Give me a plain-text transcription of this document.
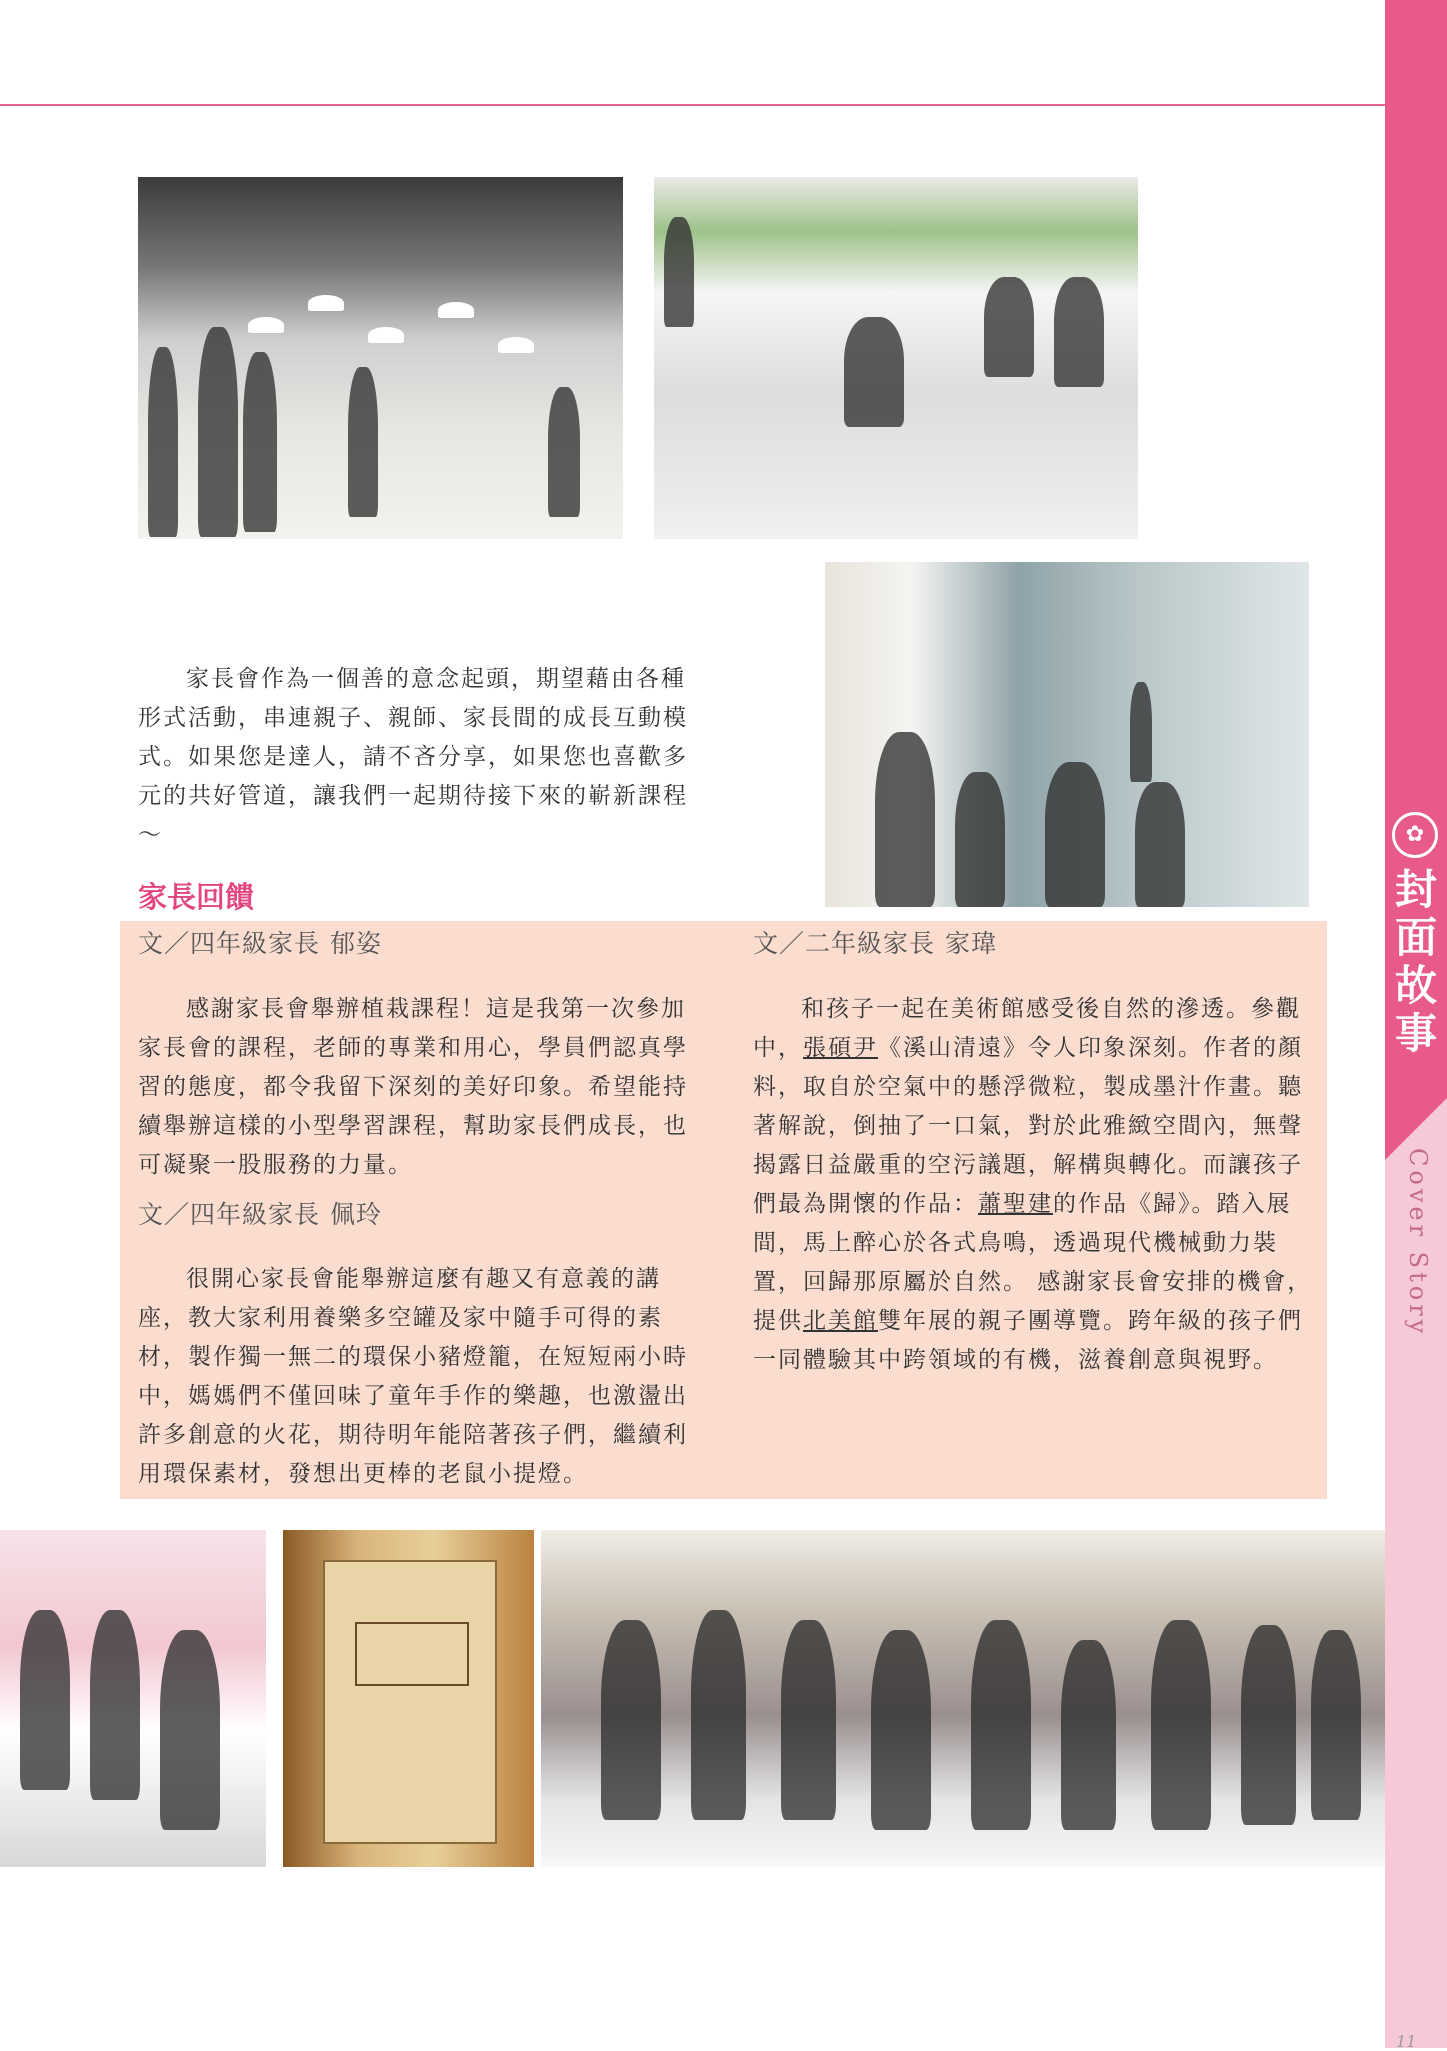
✿
封
面
故
事
Cover Story
11

家長會作為一個善的意念起頭，期望藉由各種形式活動，串連親子、親師、家長間的成長互動模式。如果您是達人，請不吝分享，如果您也喜歡多元的共好管道，讓我們一起期待接下來的嶄新課程～

家長回饋
文／四年級家長 郁姿

感謝家長會舉辦植栽課程！這是我第一次參加家長會的課程，老師的專業和用心，學員們認真學習的態度，都令我留下深刻的美好印象。希望能持續舉辦這樣的小型學習課程，幫助家長們成長，也可凝聚一股服務的力量。

文／四年級家長 佩玲

很開心家長會能舉辦這麼有趣又有意義的講座，教大家利用養樂多空罐及家中隨手可得的素材，製作獨一無二的環保小豬燈籠，在短短兩小時中，媽媽們不僅回味了童年手作的樂趣，也激盪出許多創意的火花，期待明年能陪著孩子們，繼續利用環保素材，發想出更棒的老鼠小提燈。

文／二年級家長 家瑋

和孩子一起在美術館感受後自然的滲透。參觀中，張碩尹《溪山清遠》令人印象深刻。作者的顏料，取自於空氣中的懸浮微粒，製成墨汁作畫。聽著解說，倒抽了一口氣，對於此雅緻空間內，無聲揭露日益嚴重的空污議題，解構與轉化。而讓孩子們最為開懷的作品：蕭聖建的作品《歸》。踏入展間，馬上醉心於各式鳥鳴，透過現代機械動力裝置，回歸那原屬於自然。 感謝家長會安排的機會，提供北美館雙年展的親子團導覽。跨年級的孩子們一同體驗其中跨領域的有機，滋養創意與視野。
